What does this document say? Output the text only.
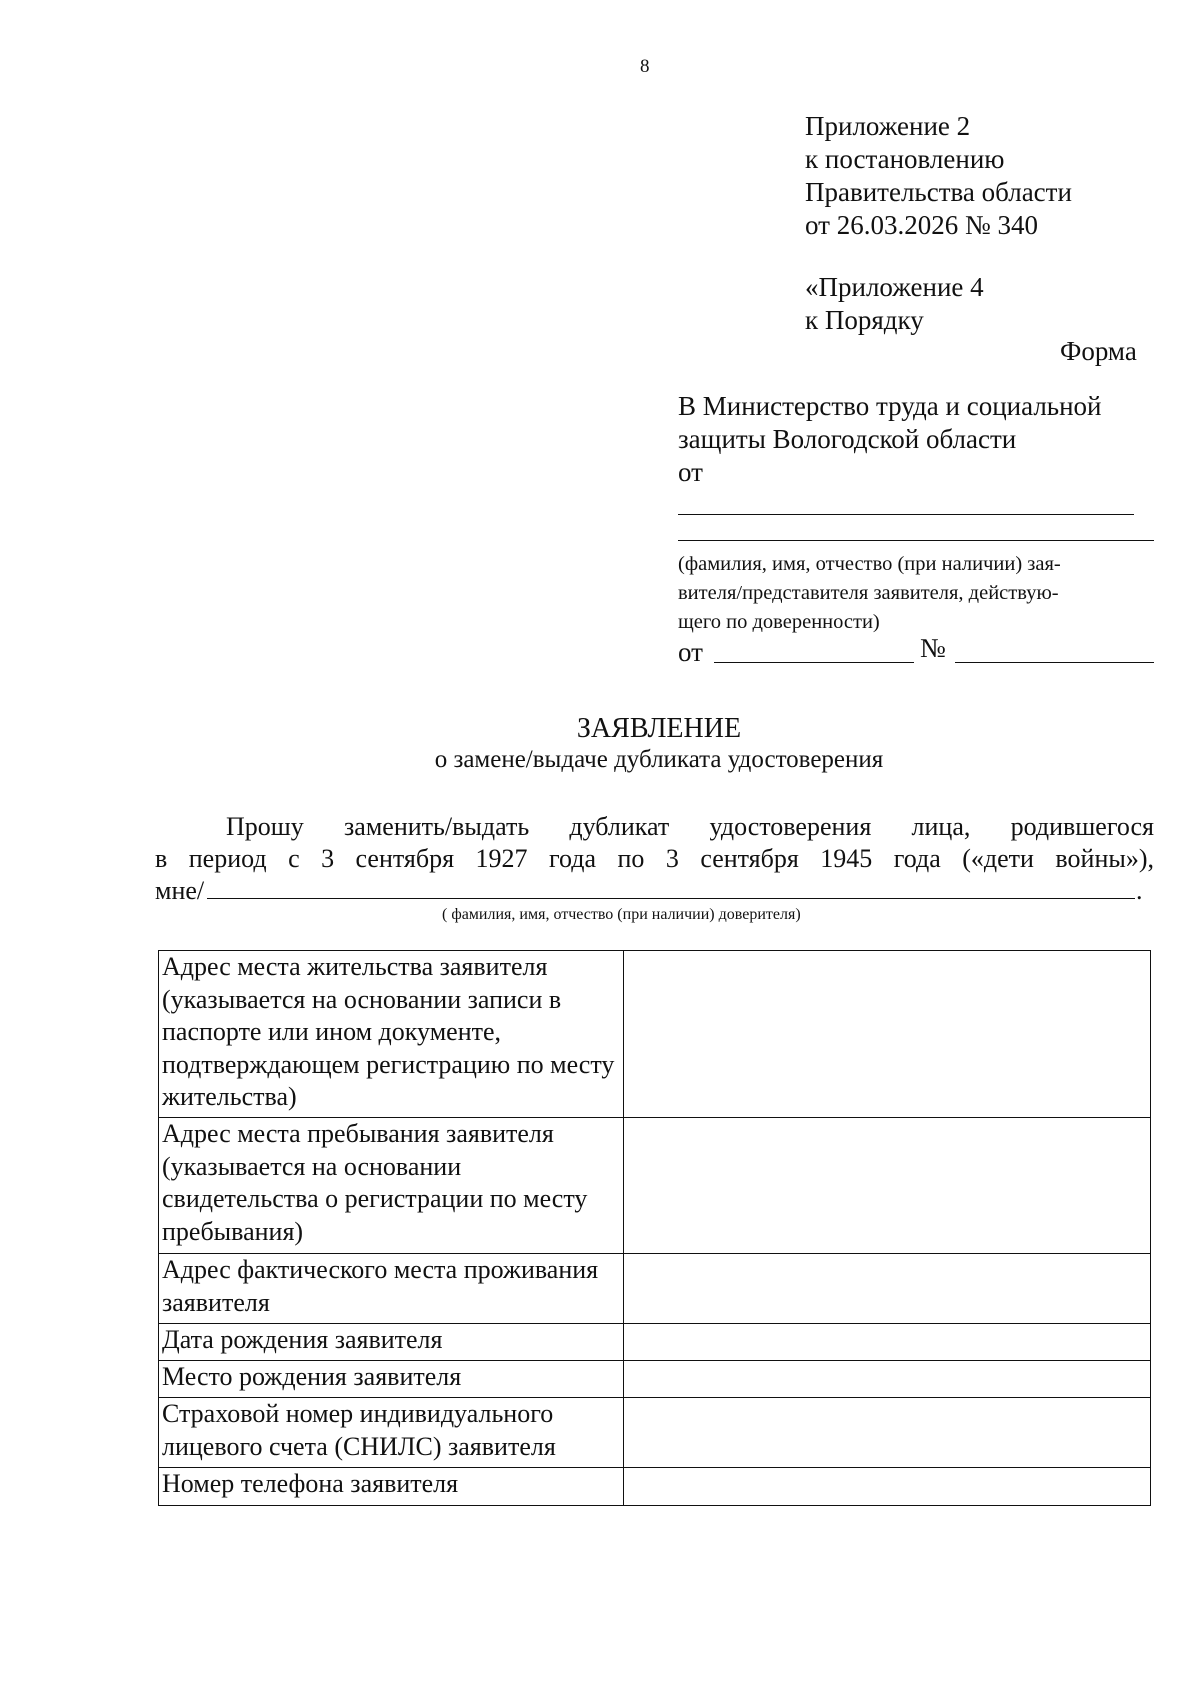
8
Приложение 2
к постановлению
Правительства области
от 26.03.2026 № 340
«Приложение 4
к Порядку
Форма
В Министерство труда и социальной
защиты Вологодской области
от
(фамилия, имя, отчество (при наличии) зая-
вителя/представителя заявителя, действую-
щего по доверенности)
от	№
ЗАЯВЛЕНИЕ
о замене/выдаче дубликата удостоверения
Прошу заменить/выдать дубликат удостоверения лица, родившегося
в период с 3 сентября 1927 года по 3 сентября 1945 года («дети войны»),
мне/	.
( фамилия, имя, отчество (при наличии) доверителя)
Адрес места жительства заявителя (указывается на основании записи в паспорте или ином документе, подтверждающем регистрацию по месту жительства)	
Адрес места пребывания заявителя (указывается на основании свидетельства о регистрации по месту пребывания)	
Адрес фактического места проживания заявителя	
Дата рождения заявителя	
Место рождения заявителя	
Страховой номер индивидуального лицевого счета (СНИЛС) заявителя	
Номер телефона заявителя	
